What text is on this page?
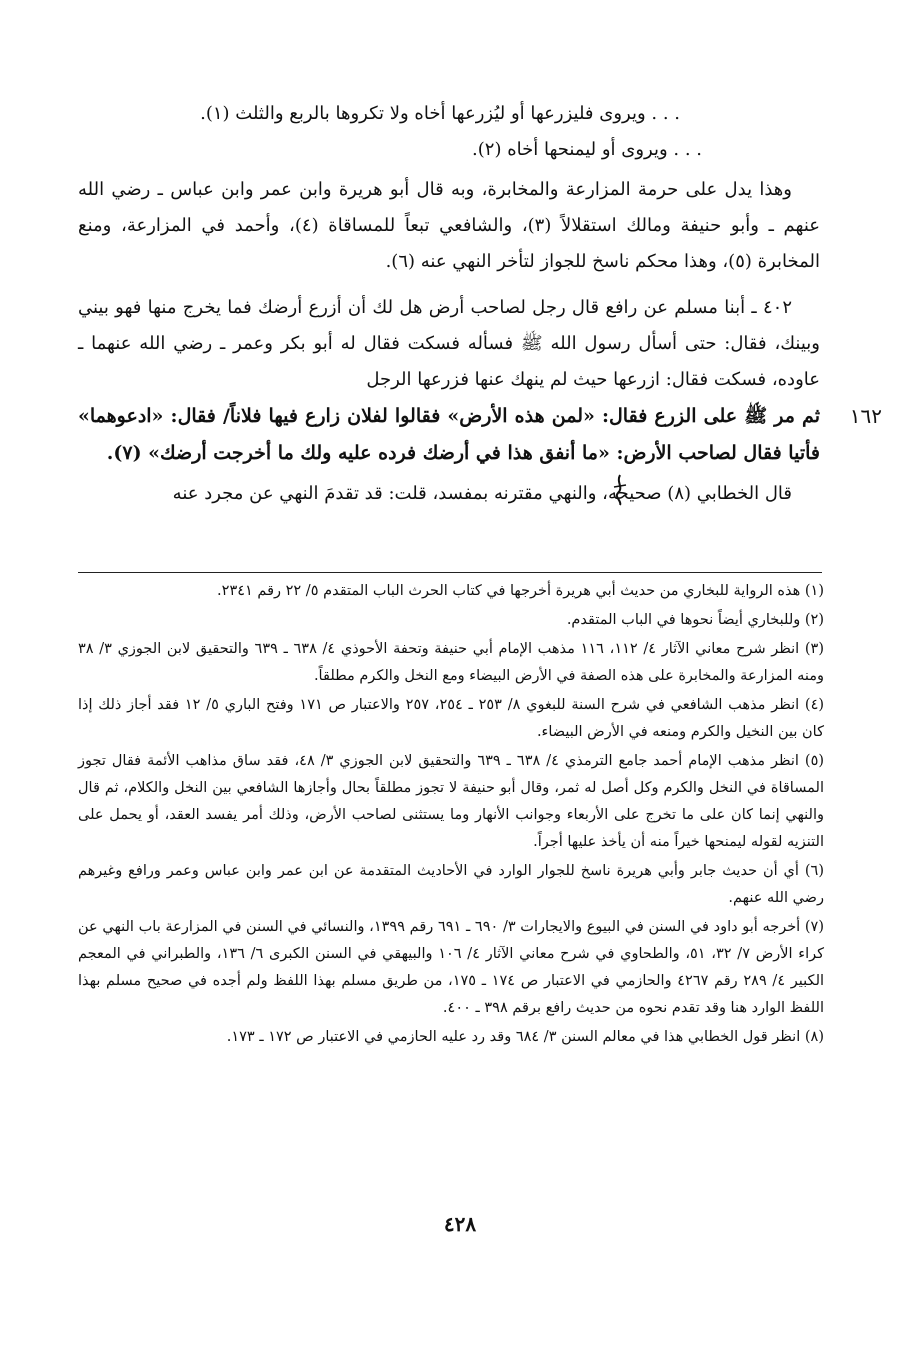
. . . ويروى فليزرعها أو ليُزرعها أخاه ولا تكروها بالربع والثلث (١).

. . . ويروى أو ليمنحها أخاه (٢).

وهذا يدل على حرمة المزارعة والمخابرة، وبه قال أبو هريرة وابن عمر وابن عباس ـ رضي الله عنهم ـ وأبو حنيفة ومالك استقلالاً (٣)، والشافعي تبعاً للمساقاة (٤)، وأحمد في المزارعة، ومنع المخابرة (٥)، وهذا محكم ناسخ للجواز لتأخر النهي عنه (٦).

٤٠٢ ـ أبنا مسلم عن رافع قال رجل لصاحب أرض هل لك أن أزرع أرضك فما يخرج منها فهو بيني وبينك، فقال: حتى أسأل رسول الله ﷺ فسأله فسكت فقال له أبو بكر وعمر ـ رضي الله عنهما ـ عاوده، فسكت فقال: ازرعها حيث لم ينهك عنها فزرعها الرجل

١٦٢
ثم مر ﷺ على الزرع فقال: «لمن هذه الأرض» فقالوا لفلان زارع فيها فلاناً/ فقال: «ادعوهما» فأتيا فقال لصاحب الأرض: «ما أنفق هذا في أرضك فرده عليه ولك ما أخرجت أرضك» (٧).

قال الخطابي (٨) صحيحه، والنهي مقترنه بمفسد، قلت: قد تقدمَ النهي عن مجرد عنه

(١) هذه الرواية للبخاري من حديث أبي هريرة أخرجها في كتاب الحرث الباب المتقدم ٥/ ٢٢ رقم ٢٣٤١.

(٢) وللبخاري أيضاً نحوها في الباب المتقدم.

(٣) انظر شرح معاني الآثار ٤/ ١١٢، ١١٦ مذهب الإمام أبي حنيفة وتحفة الأحوذي ٤/ ٦٣٨ ـ ٦٣٩ والتحقيق لابن الجوزي ٣/ ٣٨ ومنه المزارعة والمخابرة على هذه الصفة في الأرض البيضاء ومع النخل والكرم مطلقاً.

(٤) انظر مذهب الشافعي في شرح السنة للبغوي ٨/ ٢٥٣ ـ ٢٥٤، ٢٥٧ والاعتبار ص ١٧١ وفتح الباري ٥/ ١٢ فقد أجاز ذلك إذا كان بين النخيل والكرم ومنعه في الأرض البيضاء.

(٥) انظر مذهب الإمام أحمد جامع الترمذي ٤/ ٦٣٨ ـ ٦٣٩ والتحقيق لابن الجوزي ٣/ ٤٨، فقد ساق مذاهب الأئمة فقال تجوز المساقاة في النخل والكرم وكل أصل له ثمر، وقال أبو حنيفة لا تجوز مطلقاً بحال وأجازها الشافعي بين النخل والكلام، ثم قال والنهي إنما كان على ما تخرج على الأربعاء وجوانب الأنهار وما يستثنى لصاحب الأرض، وذلك أمر يفسد العقد، أو يحمل على التنزيه لقوله ليمنحها خيراً منه أن يأخذ عليها أجراً.

(٦) أي أن حديث جابر وأبي هريرة ناسخ للجوار الوارد في الأحاديث المتقدمة عن ابن عمر وابن عباس وعمر ورافع وغيرهم رضي الله عنهم.

(٧) أخرجه أبو داود في السنن في البيوع والايجارات ٣/ ٦٩٠ ـ ٦٩١ رقم ١٣٩٩، والنسائي في السنن في المزارعة باب النهي عن كراء الأرض ٧/ ٣٢، ٥١، والطحاوي في شرح معاني الآثار ٤/ ١٠٦ والبيهقي في السنن الكبرى ٦/ ١٣٦، والطبراني في المعجم الكبير ٤/ ٢٨٩ رقم ٤٢٦٧ والحازمي في الاعتبار ص ١٧٤ ـ ١٧٥، من طريق مسلم بهذا اللفظ ولم أجده في صحيح مسلم بهذا اللفظ الوارد هنا وقد تقدم نحوه من حديث رافع برقم ٣٩٨ ـ ٤٠٠.

(٨) انظر قول الخطابي هذا في معالم السنن ٣/ ٦٨٤ وقد رد عليه الحازمي في الاعتبار ص ١٧٢ ـ ١٧٣.

٤٢٨
